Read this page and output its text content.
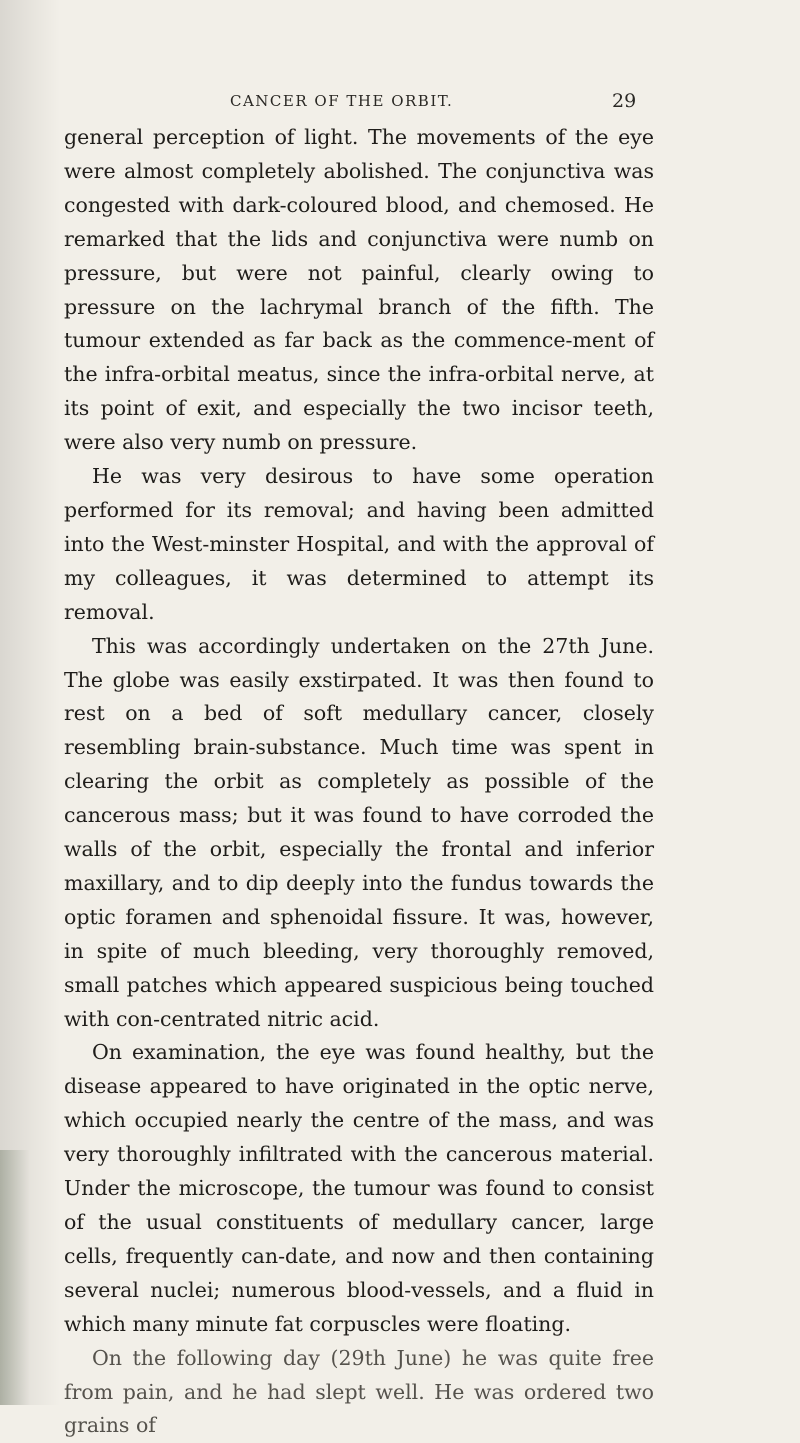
CANCER OF THE ORBIT.	29

general perception of light. The movements of the eye were almost completely abolished. The conjunctiva was congested with dark-coloured blood, and chemosed. He remarked that the lids and conjunctiva were numb on pressure, but were not painful, clearly owing to pressure on the lachrymal branch of the fifth. The tumour extended as far back as the commence-ment of the infra-orbital meatus, since the infra-orbital nerve, at its point of exit, and especially the two incisor teeth, were also very numb on pressure.

He was very desirous to have some operation performed for its removal; and having been admitted into the West-minster Hospital, and with the approval of my colleagues, it was determined to attempt its removal.

This was accordingly undertaken on the 27th June. The globe was easily exstirpated. It was then found to rest on a bed of soft medullary cancer, closely resembling brain-substance. Much time was spent in clearing the orbit as completely as possible of the cancerous mass; but it was found to have corroded the walls of the orbit, especially the frontal and inferior maxillary, and to dip deeply into the fundus towards the optic foramen and sphenoidal fissure. It was, however, in spite of much bleeding, very thoroughly removed, small patches which appeared suspicious being touched with con-centrated nitric acid.

On examination, the eye was found healthy, but the disease appeared to have originated in the optic nerve, which occupied nearly the centre of the mass, and was very thoroughly infiltrated with the cancerous material. Under the microscope, the tumour was found to consist of the usual constituents of medullary cancer, large cells, frequently can-date, and now and then containing several nuclei; numerous blood-vessels, and a fluid in which many minute fat corpuscles were floating.

On the following day (29th June) he was quite free from pain, and he had slept well. He was ordered two grains of
